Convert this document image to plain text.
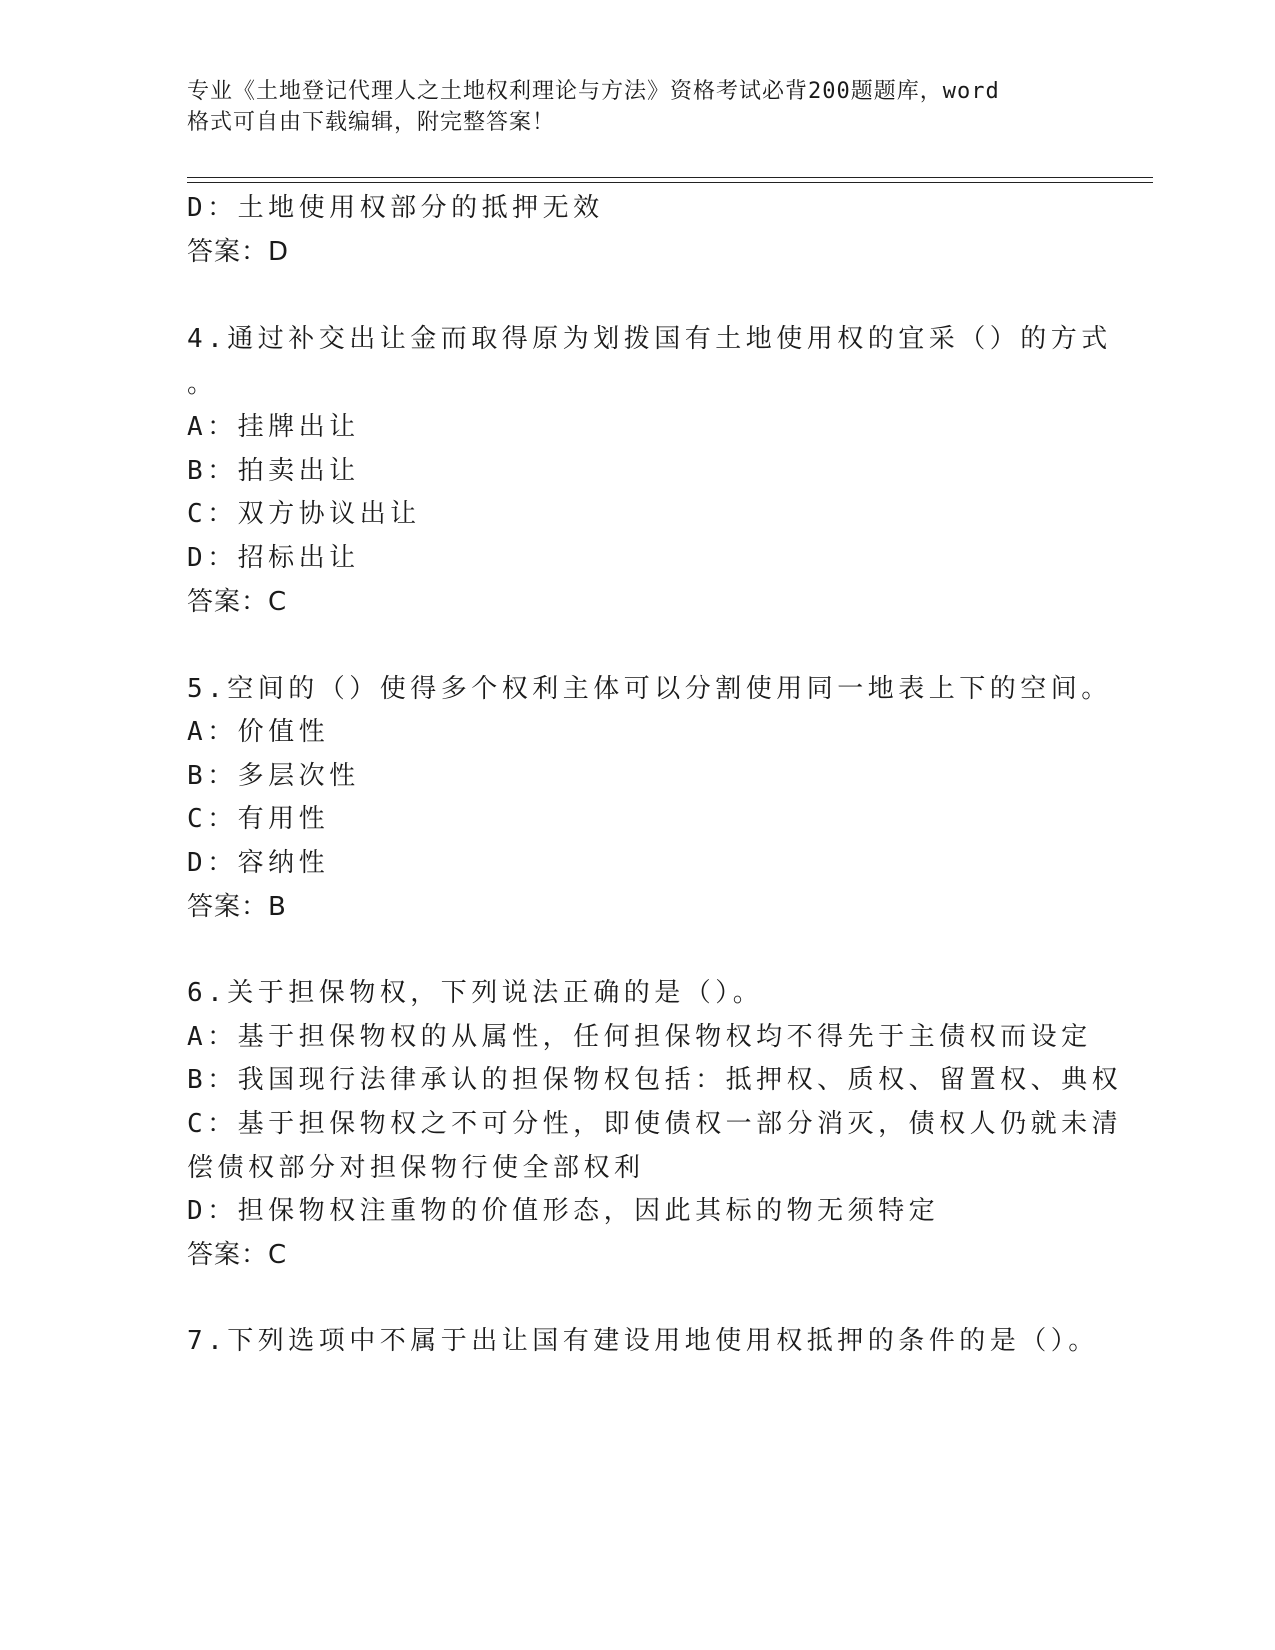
专业《土地登记代理人之土地权利理论与方法》资格考试必背200题题库，word
格式可自由下载编辑，附完整答案！
D：土地使用权部分的抵押无效
答案：D
4.通过补交出让金而取得原为划拨国有土地使用权的宜采（）的方式
。
A：挂牌出让
B：拍卖出让
C：双方协议出让
D：招标出让
答案：C
5.空间的（）使得多个权利主体可以分割使用同一地表上下的空间。
A：价值性
B：多层次性
C：有用性
D：容纳性
答案：B
6.关于担保物权，下列说法正确的是（）。
A：基于担保物权的从属性，任何担保物权均不得先于主债权而设定
B：我国现行法律承认的担保物权包括：抵押权、质权、留置权、典权
C：基于担保物权之不可分性，即使债权一部分消灭，债权人仍就未清
偿债权部分对担保物行使全部权利
D：担保物权注重物的价值形态，因此其标的物无须特定
答案：C
7.下列选项中不属于出让国有建设用地使用权抵押的条件的是（）。
